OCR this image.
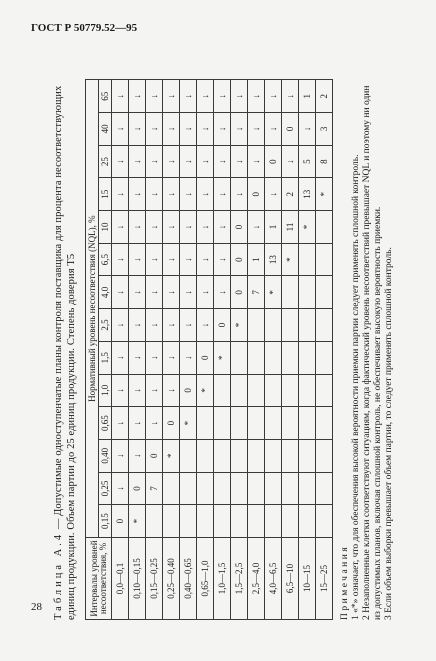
ГОСТ Р 50779.52—95
Таблица А.4 — Допустимые одноступенчатые планы контроля поставщика для процента несоответствующих единиц продукции. Объем партии до 25 единиц продукции. Степень доверия Т5 Интервалы уровней несоответствия, %	Нормативный уровень несоответствия (NQL), %													
	0,15	0,25	0,40	0,65	1,0	1,5	2,5	4,0	6,5	10	15	25	40	65
0,0—0,1	0	↓	↓	↓	↓	↓	↓	↓	↓	↓	↓	↓	↓	↓
0,10—0,15	*	0	↓	↓	↓	↓	↓	↓	↓	↓	↓	↓	↓	↓
0,15—0,25		7	0	↓	↓	↓	↓	↓	↓	↓	↓	↓	↓	↓
0,25—0,40			*	0	↓	↓	↓	↓	↓	↓	↓	↓	↓	↓
0,40—0,65				*	0	↓	↓	↓	↓	↓	↓	↓	↓	↓
0,65—1,0					*	0	↓	↓	↓	↓	↓	↓	↓	↓
1,0—1,5						*	0	↓	↓	↓	↓	↓	↓	↓
1,5—2,5							*	0	0	0	↓	↓	↓	↓
2,5—4,0								7	1	↓	0	↓	↓	↓
4,0—6,5								*	13	1	↓	0	↓	↓
6,5—10									*	11	2	↓	0	↓
10—15										*	13	5	↓	1
15—25											*	8	3	2
Примечания 1 «*» означает, что для обеспечения высокой вероятности приемки партии следует применять сплошной контроль. 2 Незаполненные клетки соответствуют ситуациям, когда фактический уровень несоответствий превышает NQL и поэтому ни один из допустимых планов, включая сплошной контроль, не обеспечивает высокую вероятность приемки. 3 Если объем выборки превышает объем партии, то следует применять сплошной контроль.
28
